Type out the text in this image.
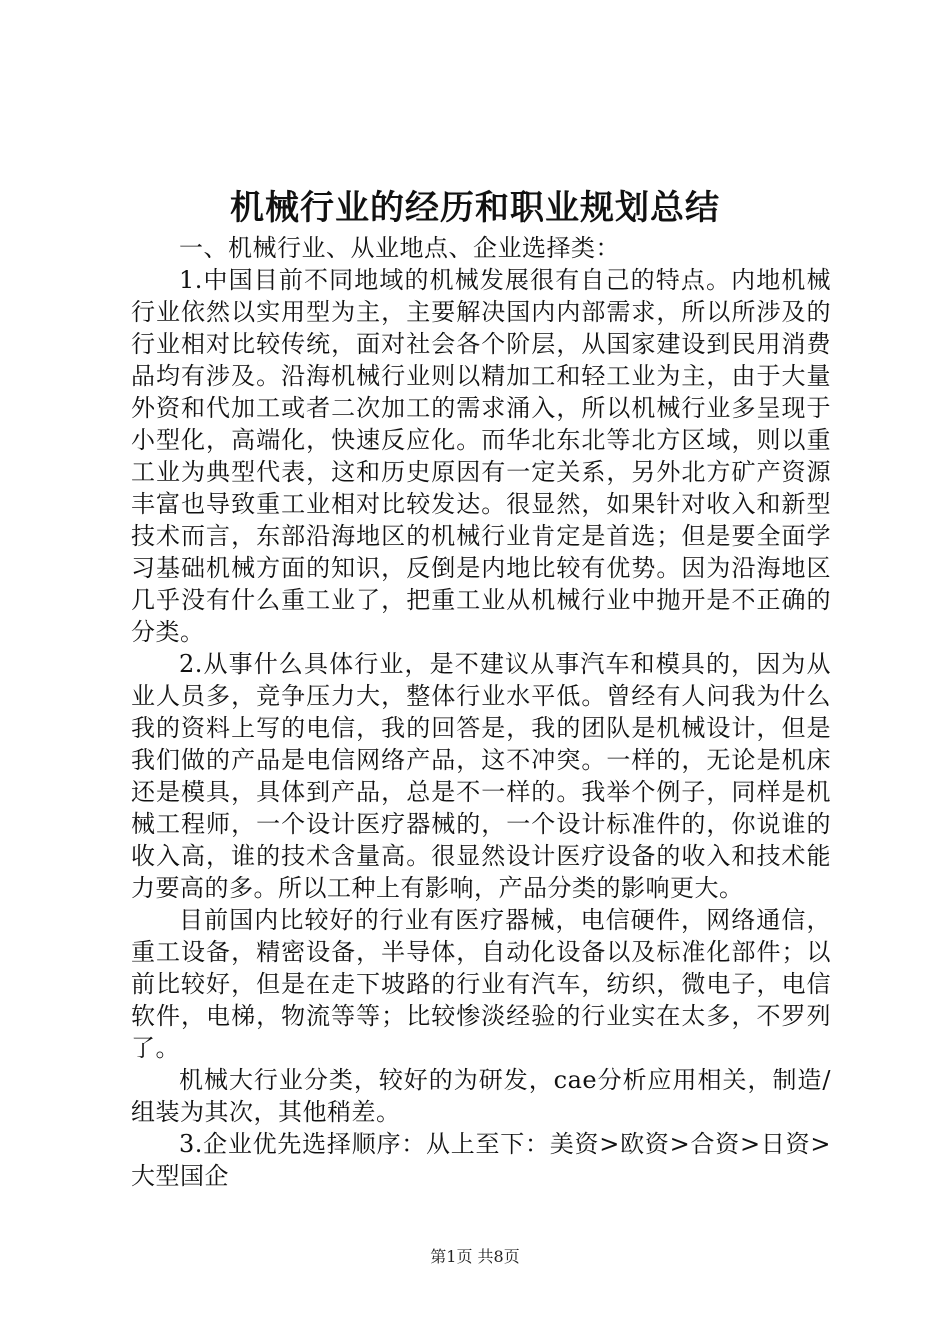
机械行业的经历和职业规划总结

一、机械行业、从业地点、企业选择类：

1.中国目前不同地域的机械发展很有自己的特点。内地机械行业依然以实用型为主，主要解决国内内部需求，所以所涉及的行业相对比较传统，面对社会各个阶层，从国家建设到民用消费品均有涉及。沿海机械行业则以精加工和轻工业为主，由于大量外资和代加工或者二次加工的需求涌入，所以机械行业多呈现于小型化，高端化，快速反应化。而华北东北等北方区域，则以重工业为典型代表，这和历史原因有一定关系，另外北方矿产资源丰富也导致重工业相对比较发达。很显然，如果针对收入和新型技术而言，东部沿海地区的机械行业肯定是首选；但是要全面学习基础机械方面的知识，反倒是内地比较有优势。因为沿海地区几乎没有什么重工业了，把重工业从机械行业中抛开是不正确的分类。

2.从事什么具体行业，是不建议从事汽车和模具的，因为从业人员多，竞争压力大，整体行业水平低。曾经有人问我为什么我的资料上写的电信，我的回答是，我的团队是机械设计，但是我们做的产品是电信网络产品，这不冲突。一样的，无论是机床还是模具，具体到产品，总是不一样的。我举个例子，同样是机械工程师，一个设计医疗器械的，一个设计标准件的，你说谁的收入高，谁的技术含量高。很显然设计医疗设备的收入和技术能力要高的多。所以工种上有影响，产品分类的影响更大。

目前国内比较好的行业有医疗器械，电信硬件，网络通信，重工设备，精密设备，半导体，自动化设备以及标准化部件；以前比较好，但是在走下坡路的行业有汽车，纺织，微电子，电信软件，电梯，物流等等；比较惨淡经验的行业实在太多，不罗列了。

机械大行业分类，较好的为研发，cae分析应用相关，制造/组装为其次，其他稍差。

3.企业优先选择顺序：从上至下：美资>欧资>合资>日资>大型国企

第1页 共8页
